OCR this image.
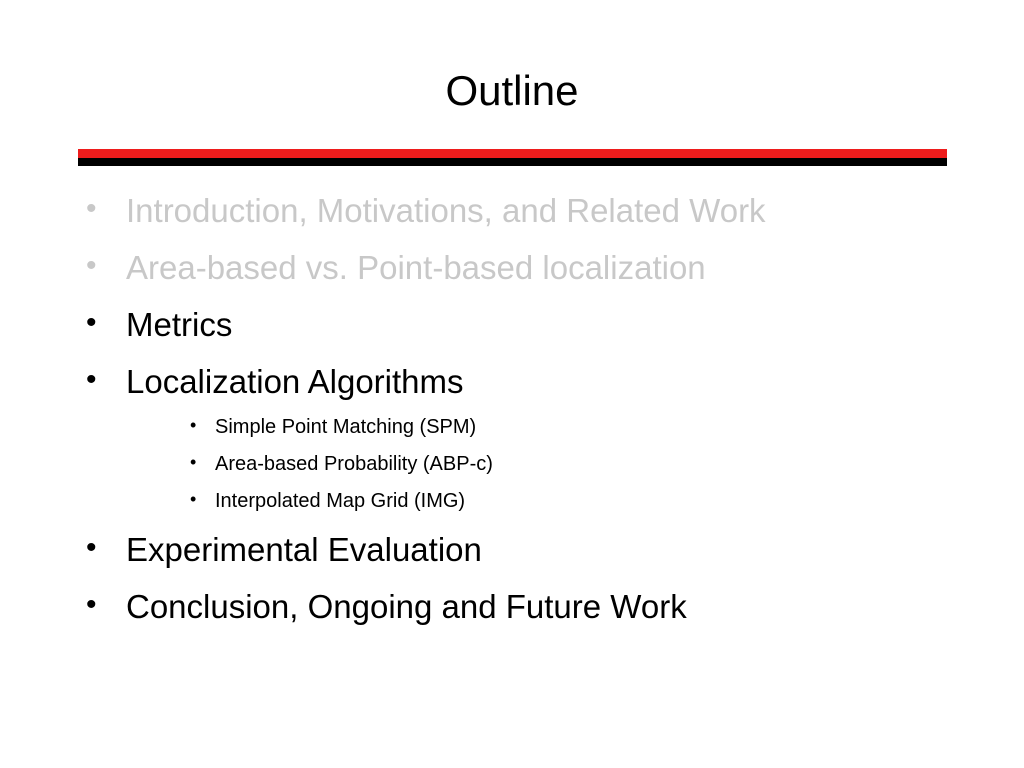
Outline
• Introduction, Motivations, and Related Work
• Area-based vs. Point-based localization
• Metrics
• Localization Algorithms
• Simple Point Matching (SPM)
• Area-based Probability (ABP-c)
• Interpolated Map Grid (IMG)
• Experimental Evaluation
• Conclusion, Ongoing and Future Work
